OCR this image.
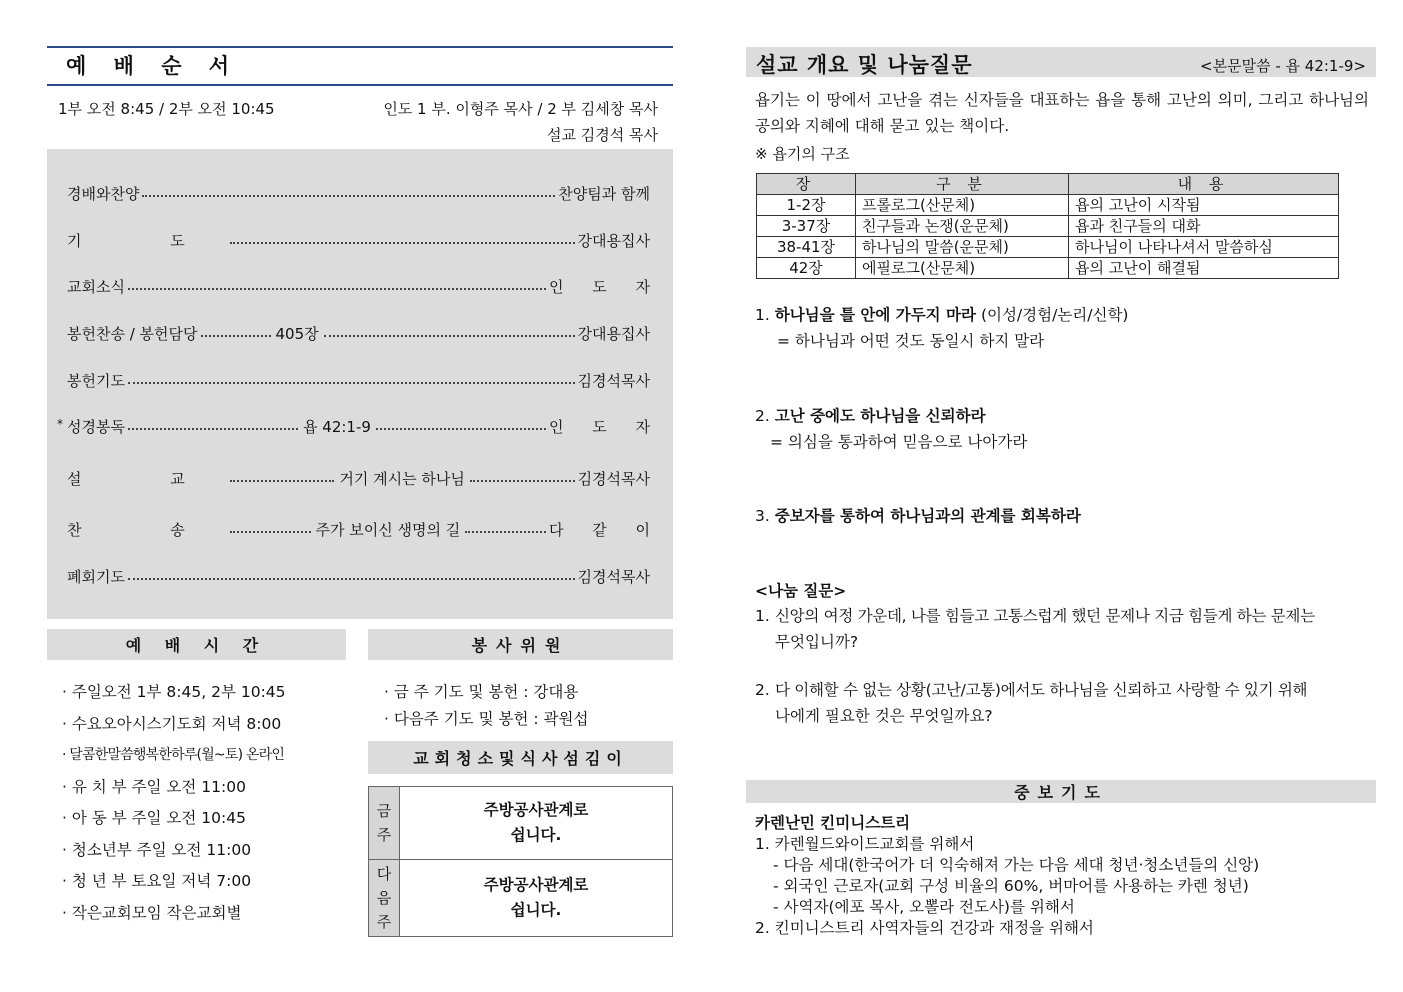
예 배 순 서
1부 오전 8:45 / 2부 오전 10:45	인도 1 부. 이형주 목사 / 2 부 김세창 목사
설교 김경석 목사
경배와찬양	찬양팀과 함께
기 도	강대용집사
교회소식	인 도 자
봉헌찬송 / 봉헌담당	405장	강대용집사
봉헌기도	김경석목사
* 성경봉독	욥 42:1-9	인 도 자
설 교	거기 계시는 하나님	김경석목사
찬 송	주가 보이신 생명의 길	다 같 이
폐회기도	김경석목사
예 배 시 간	봉사위원
· 주일오전 1부 8:45, 2부 10:45
· 수요오아시스기도회 저녁 8:00
· 달콤한말씀행복한하루(월~토) 온라인
· 유 치 부 주일 오전 11:00
· 아 동 부 주일 오전 10:45
· 청소년부 주일 오전 11:00
· 청 년 부 토요일 저녁 7:00
· 작은교회모임 작은교회별
· 금 주 기도 및 봉헌 : 강대용
· 다음주 기도 및 봉헌 : 곽원섭
교회청소및식사섬김이
금
주
주방공사관계로
쉽니다.
다
음
주
주방공사관계로
쉽니다.
설교 개요 및 나눔질문	<본문말씀 - 욥 42:1-9>
욥기는 이 땅에서 고난을 겪는 신자들을 대표하는 욥을 통해 고난의 의미, 그리고 하나님의 공의와 지혜에 대해 묻고 있는 책이다.
※ 욥기의 구조
장	구 분	내 용
1-2장	프롤로그(산문체)	욥의 고난이 시작됨
3-37장	친구들과 논쟁(운문체)	욥과 친구들의 대화
38-41장	하나님의 말씀(운문체)	하나님이 나타나셔서 말씀하심
42장	에필로그(산문체)	욥의 고난이 해결됨
1. 하나님을 틀 안에 가두지 마라 (이성/경험/논리/신학)
= 하나님과 어떤 것도 동일시 하지 말라
2. 고난 중에도 하나님을 신뢰하라
= 의심을 통과하여 믿음으로 나아가라
3. 중보자를 통하여 하나님과의 관계를 회복하라
<나눔 질문>
1. 신앙의 여정 가운데, 나를 힘들고 고통스럽게 했던 문제나 지금 힘들게 하는 문제는
무엇입니까?
2. 다 이해할 수 없는 상황(고난/고통)에서도 하나님을 신뢰하고 사랑할 수 있기 위해
나에게 필요한 것은 무엇일까요?
중보기도
카렌난민 킨미니스트리
1. 카렌월드와이드교회를 위해서
- 다음 세대(한국어가 더 익숙해져 가는 다음 세대 청년·청소년들의 신앙)
- 외국인 근로자(교회 구성 비율의 60%, 버마어를 사용하는 카렌 청년)
- 사역자(에포 목사, 오뽈라 전도사)를 위해서
2. 킨미니스트리 사역자들의 건강과 재정을 위해서
